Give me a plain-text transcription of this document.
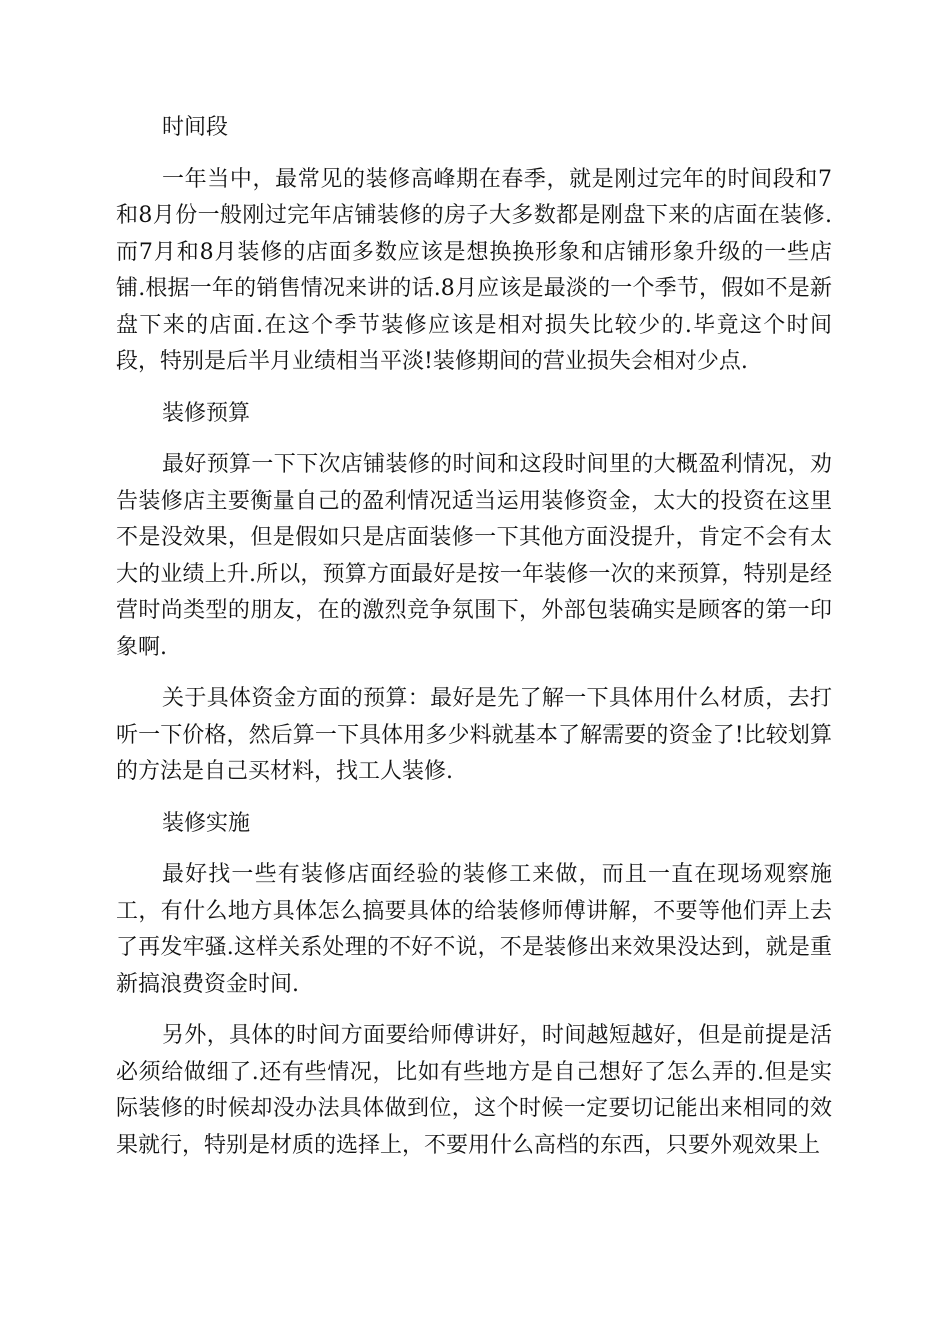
时间段

一年当中，最常见的装修高峰期在春季，就是刚过完年的时间段和7和8月份一般刚过完年店铺装修的房子大多数都是刚盘下来的店面在装修.而7月和8月装修的店面多数应该是想换换形象和店铺形象升级的一些店铺.根据一年的销售情况来讲的话.8月应该是最淡的一个季节，假如不是新盘下来的店面.在这个季节装修应该是相对损失比较少的.毕竟这个时间段，特别是后半月业绩相当平淡!装修期间的营业损失会相对少点.

装修预算

最好预算一下下次店铺装修的时间和这段时间里的大概盈利情况，劝告装修店主要衡量自己的盈利情况适当运用装修资金，太大的投资在这里不是没效果，但是假如只是店面装修一下其他方面没提升，肯定不会有太大的业绩上升.所以，预算方面最好是按一年装修一次的来预算，特别是经营时尚类型的朋友，在的激烈竞争氛围下，外部包装确实是顾客的第一印象啊.

关于具体资金方面的预算：最好是先了解一下具体用什么材质，去打听一下价格，然后算一下具体用多少料就基本了解需要的资金了!比较划算的方法是自己买材料，找工人装修.

装修实施

最好找一些有装修店面经验的装修工来做，而且一直在现场观察施工，有什么地方具体怎么搞要具体的给装修师傅讲解，不要等他们弄上去了再发牢骚.这样关系处理的不好不说，不是装修出来效果没达到，就是重新搞浪费资金时间.

另外，具体的时间方面要给师傅讲好，时间越短越好，但是前提是活必须给做细了.还有些情况，比如有些地方是自己想好了怎么弄的.但是实际装修的时候却没办法具体做到位，这个时候一定要切记能出来相同的效果就行，特别是材质的选择上，不要用什么高档的东西，只要外观效果上
